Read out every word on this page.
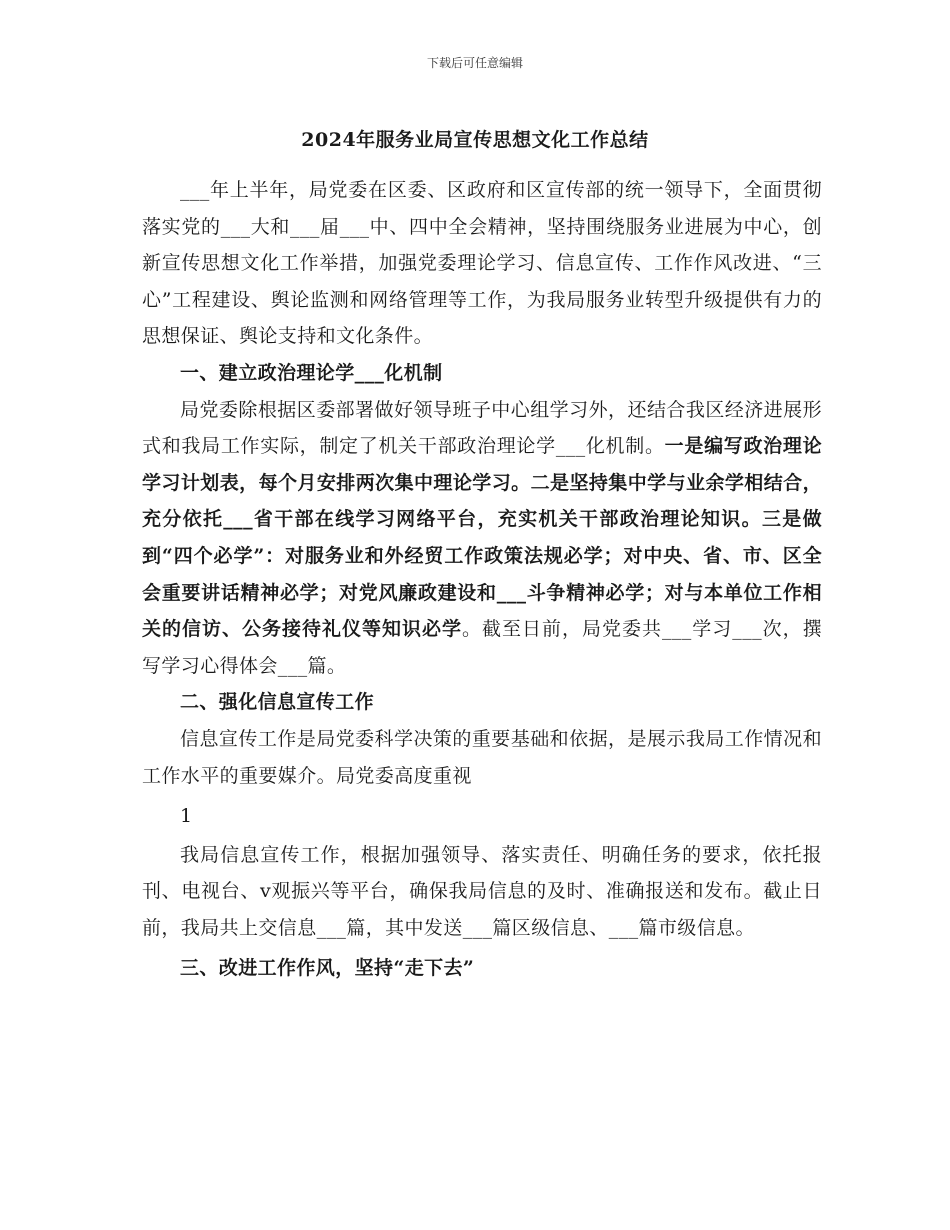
下载后可任意编辑
2024年服务业局宣传思想文化工作总结

___年上半年，局党委在区委、区政府和区宣传部的统一领导下，全面贯彻落实党的___大和___届___中、四中全会精神，坚持围绕服务业进展为中心，创新宣传思想文化工作举措，加强党委理论学习、信息宣传、工作作风改进、“三心”工程建设、舆论监测和网络管理等工作，为我局服务业转型升级提供有力的思想保证、舆论支持和文化条件。

一、建立政治理论学___化机制

局党委除根据区委部署做好领导班子中心组学习外，还结合我区经济进展形式和我局工作实际，制定了机关干部政治理论学___化机制。一是编写政治理论学习计划表，每个月安排两次集中理论学习。二是坚持集中学与业余学相结合，充分依托___省干部在线学习网络平台，充实机关干部政治理论知识。三是做到“四个必学”：对服务业和外经贸工作政策法规必学；对中央、省、市、区全会重要讲话精神必学；对党风廉政建设和___斗争精神必学；对与本单位工作相关的信访、公务接待礼仪等知识必学。截至日前，局党委共___学习___次，撰写学习心得体会___篇。

二、强化信息宣传工作

信息宣传工作是局党委科学决策的重要基础和依据，是展示我局工作情况和工作水平的重要媒介。局党委高度重视

1

我局信息宣传工作，根据加强领导、落实责任、明确任务的要求，依托报刊、电视台、v观振兴等平台，确保我局信息的及时、准确报送和发布。截止日前，我局共上交信息___篇，其中发送___篇区级信息、___篇市级信息。

三、改进工作作风，坚持“走下去”
